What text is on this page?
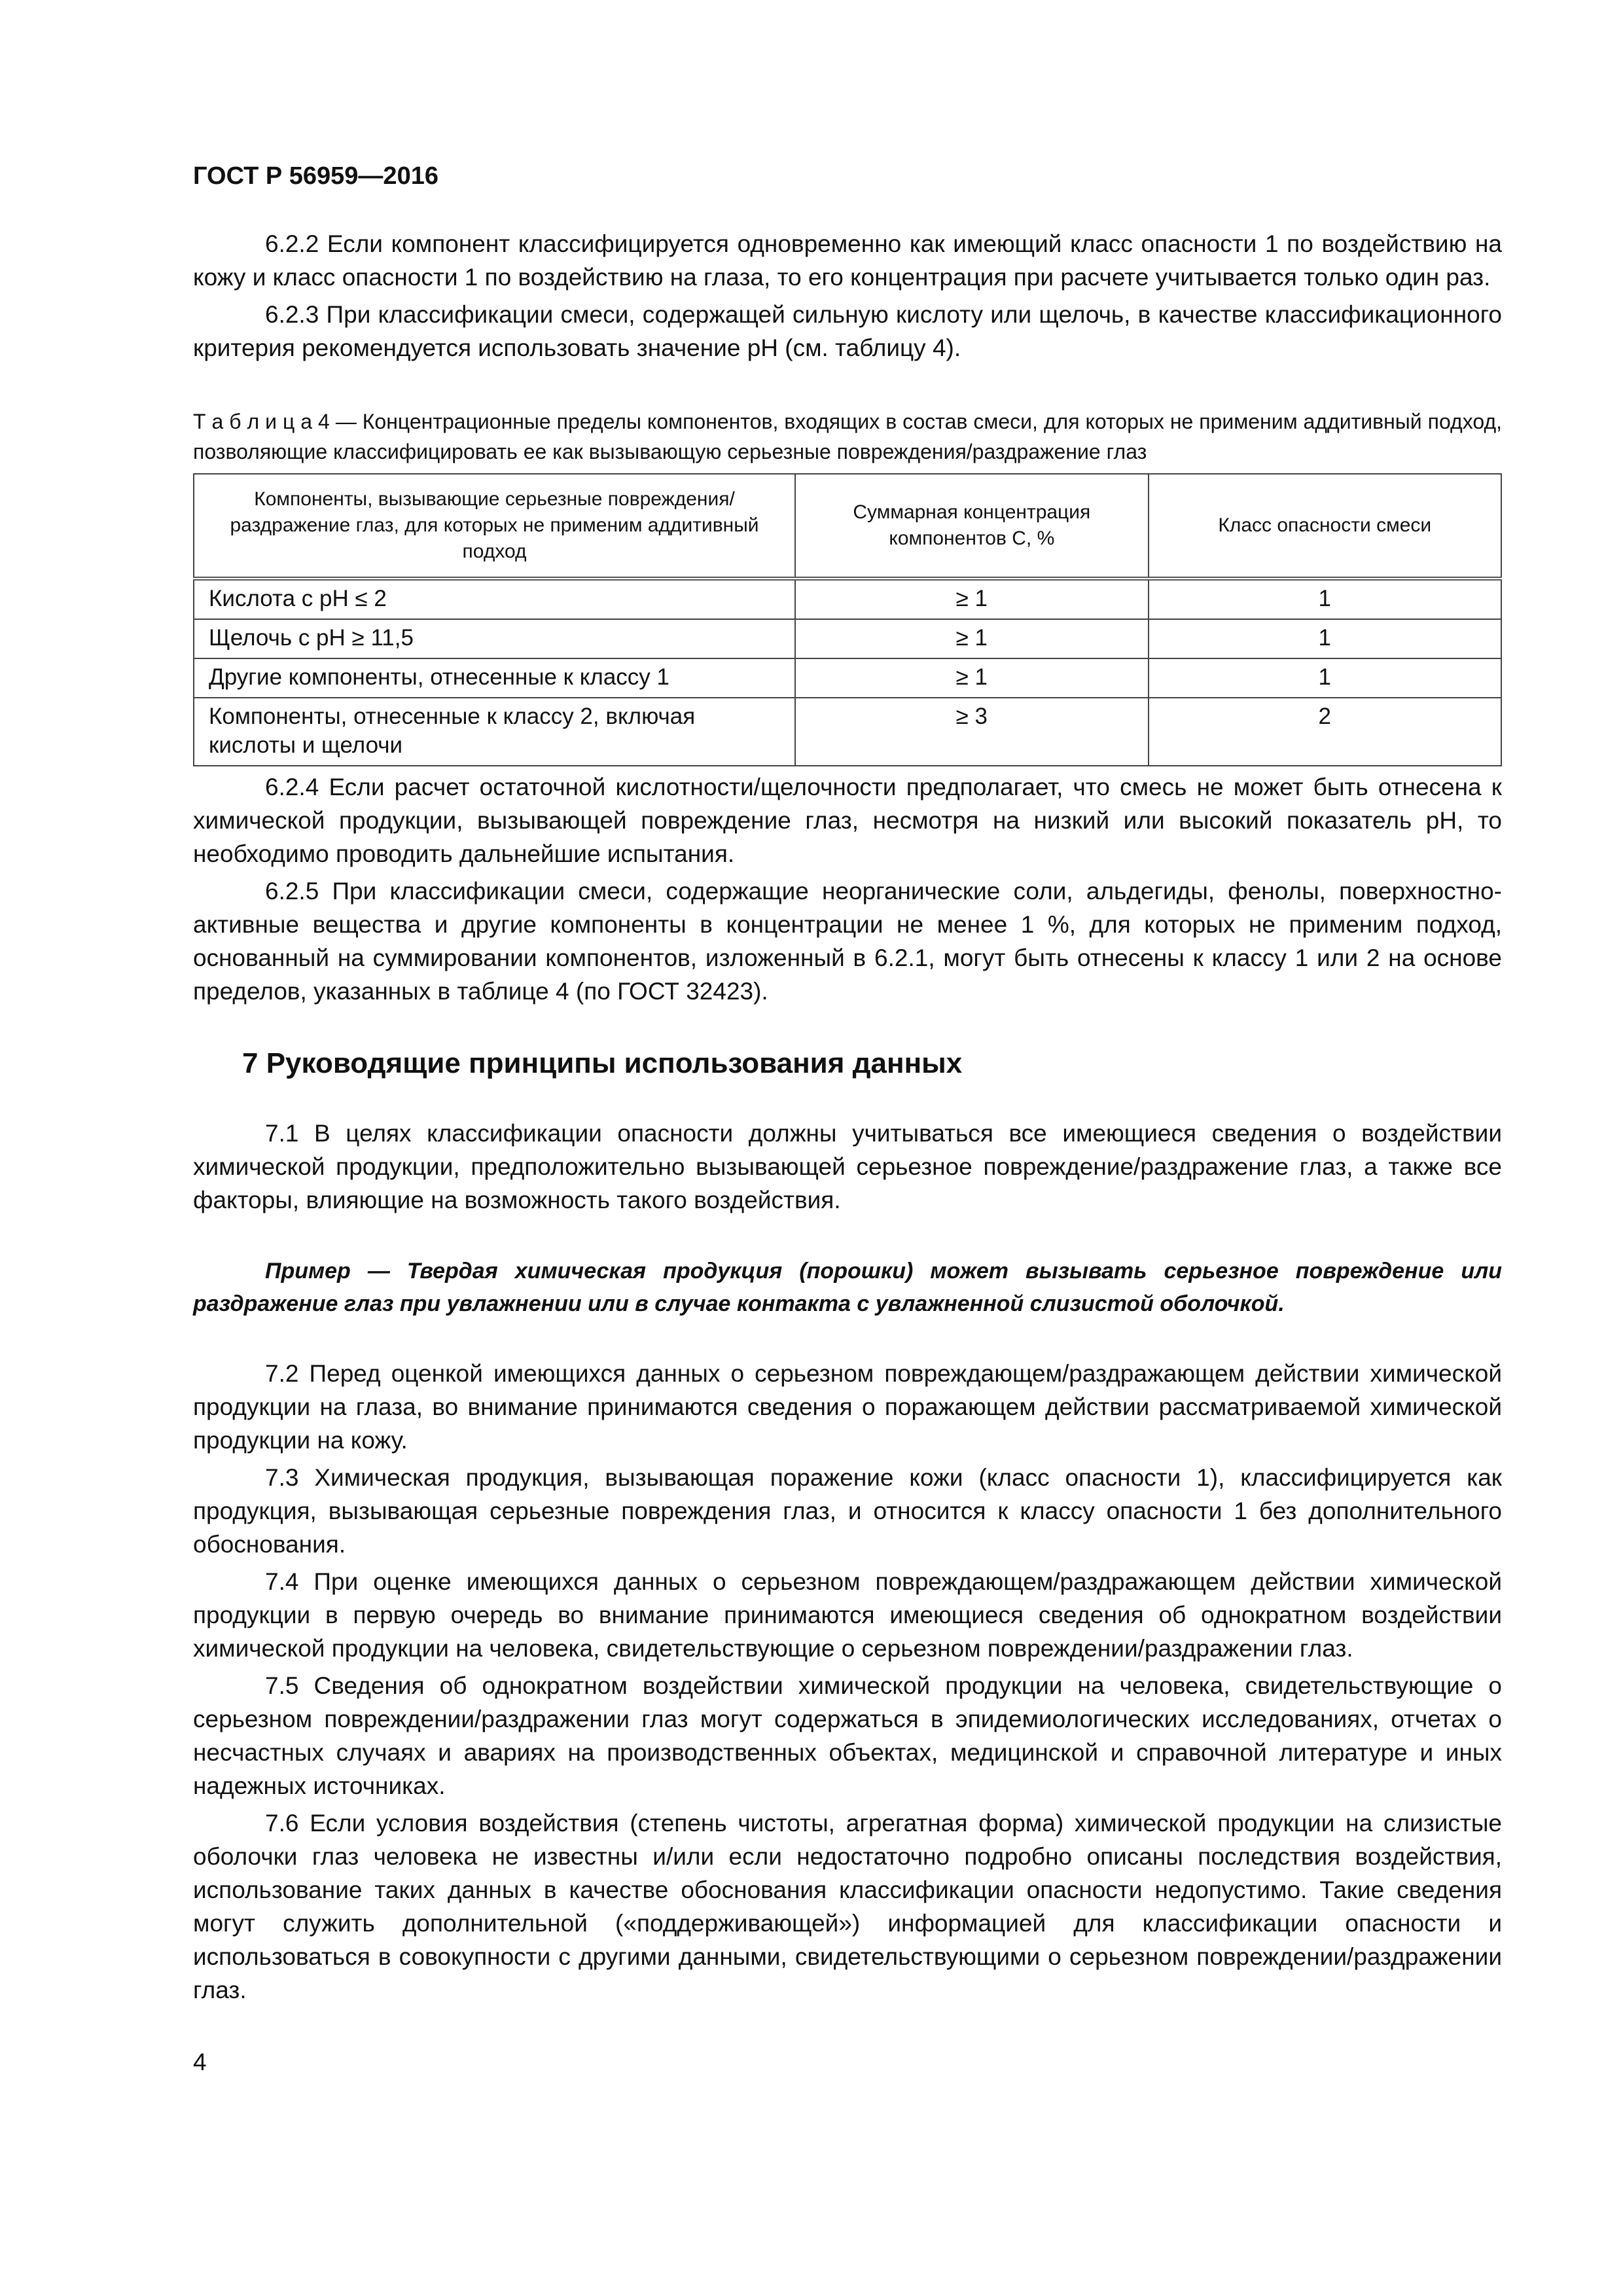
ГОСТ Р 56959—2016

6.2.2 Если компонент классифицируется одновременно как имеющий класс опасности 1 по воздействию на кожу и класс опасности 1 по воздействию на глаза, то его концентрация при расчете учитывается только один раз.

6.2.3 При классификации смеси, содержащей сильную кислоту или щелочь, в качестве классификационного критерия рекомендуется использовать значение pH (см. таблицу 4).

Т а б л и ц а 4 — Концентрационные пределы компонентов, входящих в состав смеси, для которых не применим аддитивный подход, позволяющие классифицировать ее как вызывающую серьезные повреждения/раздражение глаз
Компоненты, вызывающие серьезные повреждения/ раздражение глаз, для которых не применим аддитивный подход	Суммарная концентрация компонентов С, %	Класс опасности смеси
Кислота с pH ≤ 2	≥ 1	1
Щелочь с pH ≥ 11,5	≥ 1	1
Другие компоненты, отнесенные к классу 1	≥ 1	1
Компоненты, отнесенные к классу 2, включая кислоты и щелочи	≥ 3	2

6.2.4 Если расчет остаточной кислотности/щелочности предполагает, что смесь не может быть отнесена к химической продукции, вызывающей повреждение глаз, несмотря на низкий или высокий показатель pH, то необходимо проводить дальнейшие испытания.

6.2.5 При классификации смеси, содержащие неорганические соли, альдегиды, фенолы, поверхностно-активные вещества и другие компоненты в концентрации не менее 1 %, для которых не применим подход, основанный на суммировании компонентов, изложенный в 6.2.1, могут быть отнесены к классу 1 или 2 на основе пределов, указанных в таблице 4 (по ГОСТ 32423).

7 Руководящие принципы использования данных

7.1 В целях классификации опасности должны учитываться все имеющиеся сведения о воздействии химической продукции, предположительно вызывающей серьезное повреждение/раздражение глаз, а также все факторы, влияющие на возможность такого воздействия.

Пример — Твердая химическая продукция (порошки) может вызывать серьезное повреждение или раздражение глаз при увлажнении или в случае контакта с увлажненной слизистой оболочкой.

7.2 Перед оценкой имеющихся данных о серьезном повреждающем/раздражающем действии химической продукции на глаза, во внимание принимаются сведения о поражающем действии рассматриваемой химической продукции на кожу.

7.3 Химическая продукция, вызывающая поражение кожи (класс опасности 1), классифицируется как продукция, вызывающая серьезные повреждения глаз, и относится к классу опасности 1 без дополнительного обоснования.

7.4 При оценке имеющихся данных о серьезном повреждающем/раздражающем действии химической продукции в первую очередь во внимание принимаются имеющиеся сведения об однократном воздействии химической продукции на человека, свидетельствующие о серьезном повреждении/раздражении глаз.

7.5 Сведения об однократном воздействии химической продукции на человека, свидетельствующие о серьезном повреждении/раздражении глаз могут содержаться в эпидемиологических исследованиях, отчетах о несчастных случаях и авариях на производственных объектах, медицинской и справочной литературе и иных надежных источниках.

7.6 Если условия воздействия (степень чистоты, агрегатная форма) химической продукции на слизистые оболочки глаз человека не известны и/или если недостаточно подробно описаны последствия воздействия, использование таких данных в качестве обоснования классификации опасности недопустимо. Такие сведения могут служить дополнительной («поддерживающей») информацией для классификации опасности и использоваться в совокупности с другими данными, свидетельствующими о серьезном повреждении/раздражении глаз.

4
